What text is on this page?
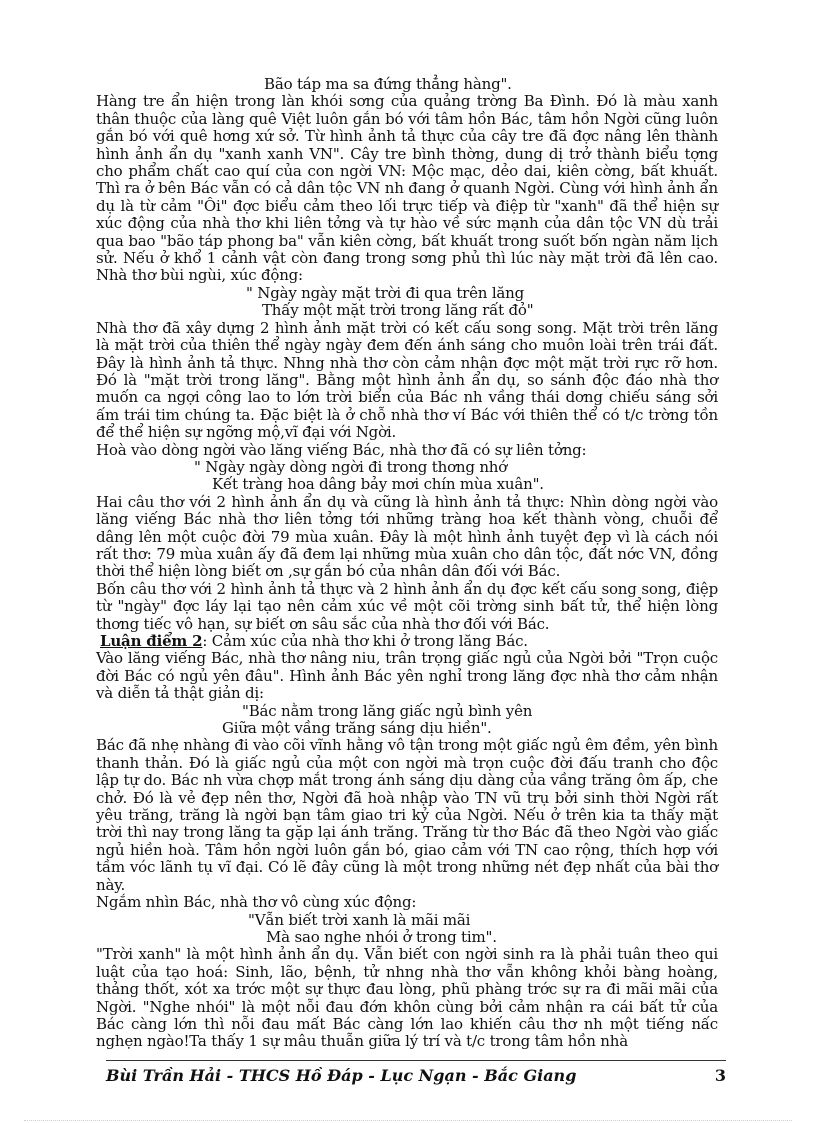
Bão táp ma sa đứng thẳng hàng".

Hàng tre ẩn hiện trong làn khói sơng của quảng trờng Ba Đình. Đó là màu xanh thân thuộc của làng quê Việt luôn gắn bó với tâm hồn Bác, tâm hồn Ngời cũng luôn gắn bó với quê hơng xứ sở. Từ hình ảnh tả thực của cây tre đã đợc nâng lên thành hình ảnh ẩn dụ "xanh xanh VN". Cây tre bình thờng, dung dị trở thành biểu tợng cho phẩm chất cao quí của con ngời VN: Mộc mạc, dẻo dai, kiên cờng, bất khuất. Thì ra ở bên Bác vẫn có cả dân tộc VN nh đang ở quanh Ngời. Cùng với hình ảnh ẩn dụ là từ cảm "Ôi" đợc biểu cảm theo lối trực tiếp và điệp từ "xanh" đã thể hiện sự xúc động của nhà thơ khi liên tởng và tự hào về sức mạnh của dân tộc VN dù trải qua bao "bão táp phong ba" vẫn kiên cờng, bất khuất trong suốt bốn ngàn năm lịch sử. Nếu ở khổ 1 cảnh vật còn đang trong sơng phủ thì lúc này mặt trời đã lên cao. Nhà thơ bùi ngùi, xúc động:

" Ngày ngày mặt trời đi qua trên lăng

Thấy một mặt trời trong lăng rất đỏ"

Nhà thơ đã xây dựng 2 hình ảnh mặt trời có kết cấu song song. Mặt trời trên lăng là mặt trời của thiên thể ngày ngày đem đến ánh sáng cho muôn loài trên trái đất. Đây là hình ảnh tả thực. Nhng nhà thơ còn cảm nhận đợc một mặt trời rực rỡ hơn. Đó là "mặt trời trong lăng". Bằng một hình ảnh ẩn dụ, so sánh độc đáo nhà thơ muốn ca ngợi công lao to lớn trời biển của Bác nh vầng thái dơng chiếu sáng sởi ấm trái tim chúng ta. Đặc biệt là ở chỗ nhà thơ ví Bác với thiên thể có t/c trờng tồn để thể hiện sự ngỡng mộ,vĩ đại với Ngời.

Hoà vào dòng ngời vào lăng viếng Bác, nhà thơ đã có sự liên tởng:

" Ngày ngày dòng ngời đi trong thơng nhớ

Kết tràng hoa dâng bảy mơi chín mùa xuân".

Hai câu thơ với 2 hình ảnh ẩn dụ và cũng là hình ảnh tả thực: Nhìn dòng ngời vào lăng viếng Bác nhà thơ liên tởng tới những tràng hoa kết thành vòng, chuỗi để dâng lên một cuộc đời 79 mùa xuân. Đây là một hình ảnh tuyệt đẹp vì là cách nói rất thơ: 79 mùa xuân ấy đã đem lại những mùa xuân cho dân tộc, đất nớc VN, đồng thời thể hiện lòng biết ơn ,sự gắn bó của nhân dân đối với Bác.

Bốn câu thơ với 2 hình ảnh tả thực và 2 hình ảnh ẩn dụ đợc kết cấu song song, điệp từ "ngày" đợc láy lại tạo nên cảm xúc về một cõi trờng sinh bất tử, thể hiện lòng thơng tiếc vô hạn, sự biết ơn sâu sắc của nhà thơ đối với Bác.

Luận điểm 2: Cảm xúc của nhà thơ khi ở trong lăng Bác.

Vào lăng viếng Bác, nhà thơ nâng niu, trân trọng giấc ngủ của Ngời bởi "Trọn cuộc đời Bác có ngủ yên đâu". Hình ảnh Bác yên nghỉ trong lăng đợc nhà thơ cảm nhận và diễn tả thật giản dị:

"Bác nằm trong lăng giấc ngủ bình yên

Giữa một vầng trăng sáng dịu hiền".

Bác đã nhẹ nhàng đi vào cõi vĩnh hằng vô tận trong một giấc ngủ êm đềm, yên bình thanh thản. Đó là giấc ngủ của một con ngời mà trọn cuộc đời đấu tranh cho độc lập tự do. Bác nh vừa chợp mắt trong ánh sáng dịu dàng của vầng trăng ôm ấp, che chở. Đó là vẻ đẹp nên thơ, Ngời đã hoà nhập vào TN vũ trụ bởi sinh thời Ngời rất yêu trăng, trăng là ngời bạn tâm giao tri kỷ của Ngời. Nếu ở trên kia ta thấy mặt trời thì nay trong lăng ta gặp lại ánh trăng. Trăng từ thơ Bác đã theo Ngời vào giấc ngủ hiền hoà. Tâm hồn ngời luôn gắn bó, giao cảm với TN cao rộng, thích hợp với tầm vóc lãnh tụ vĩ đại. Có lẽ đây cũng là một trong những nét đẹp nhất của bài thơ này.

Ngắm nhìn Bác, nhà thơ vô cùng xúc động:

"Vẫn biết trời xanh là mãi mãi

Mà sao nghe nhói ở trong tim".

"Trời xanh" là một hình ảnh ẩn dụ. Vẫn biết con ngời sinh ra là phải tuân theo qui luật của tạo hoá: Sinh, lão, bệnh, tử nhng nhà thơ vẫn không khỏi bàng hoàng, thảng thốt, xót xa trớc một sự thực đau lòng, phũ phàng trớc sự ra đi mãi mãi của Ngời. "Nghe nhói" là một nỗi đau đớn khôn cùng bởi cảm nhận ra cái bất tử của Bác càng lớn thì nỗi đau mất Bác càng lớn lao khiến câu thơ nh một tiếng nấc nghẹn ngào!Ta thấy 1 sự mâu thuẫn giữa lý trí và t/c trong tâm hồn nhà

Bùi Trần Hải - THCS Hồ Đáp - Lục Ngạn - Bắc Giang	3
